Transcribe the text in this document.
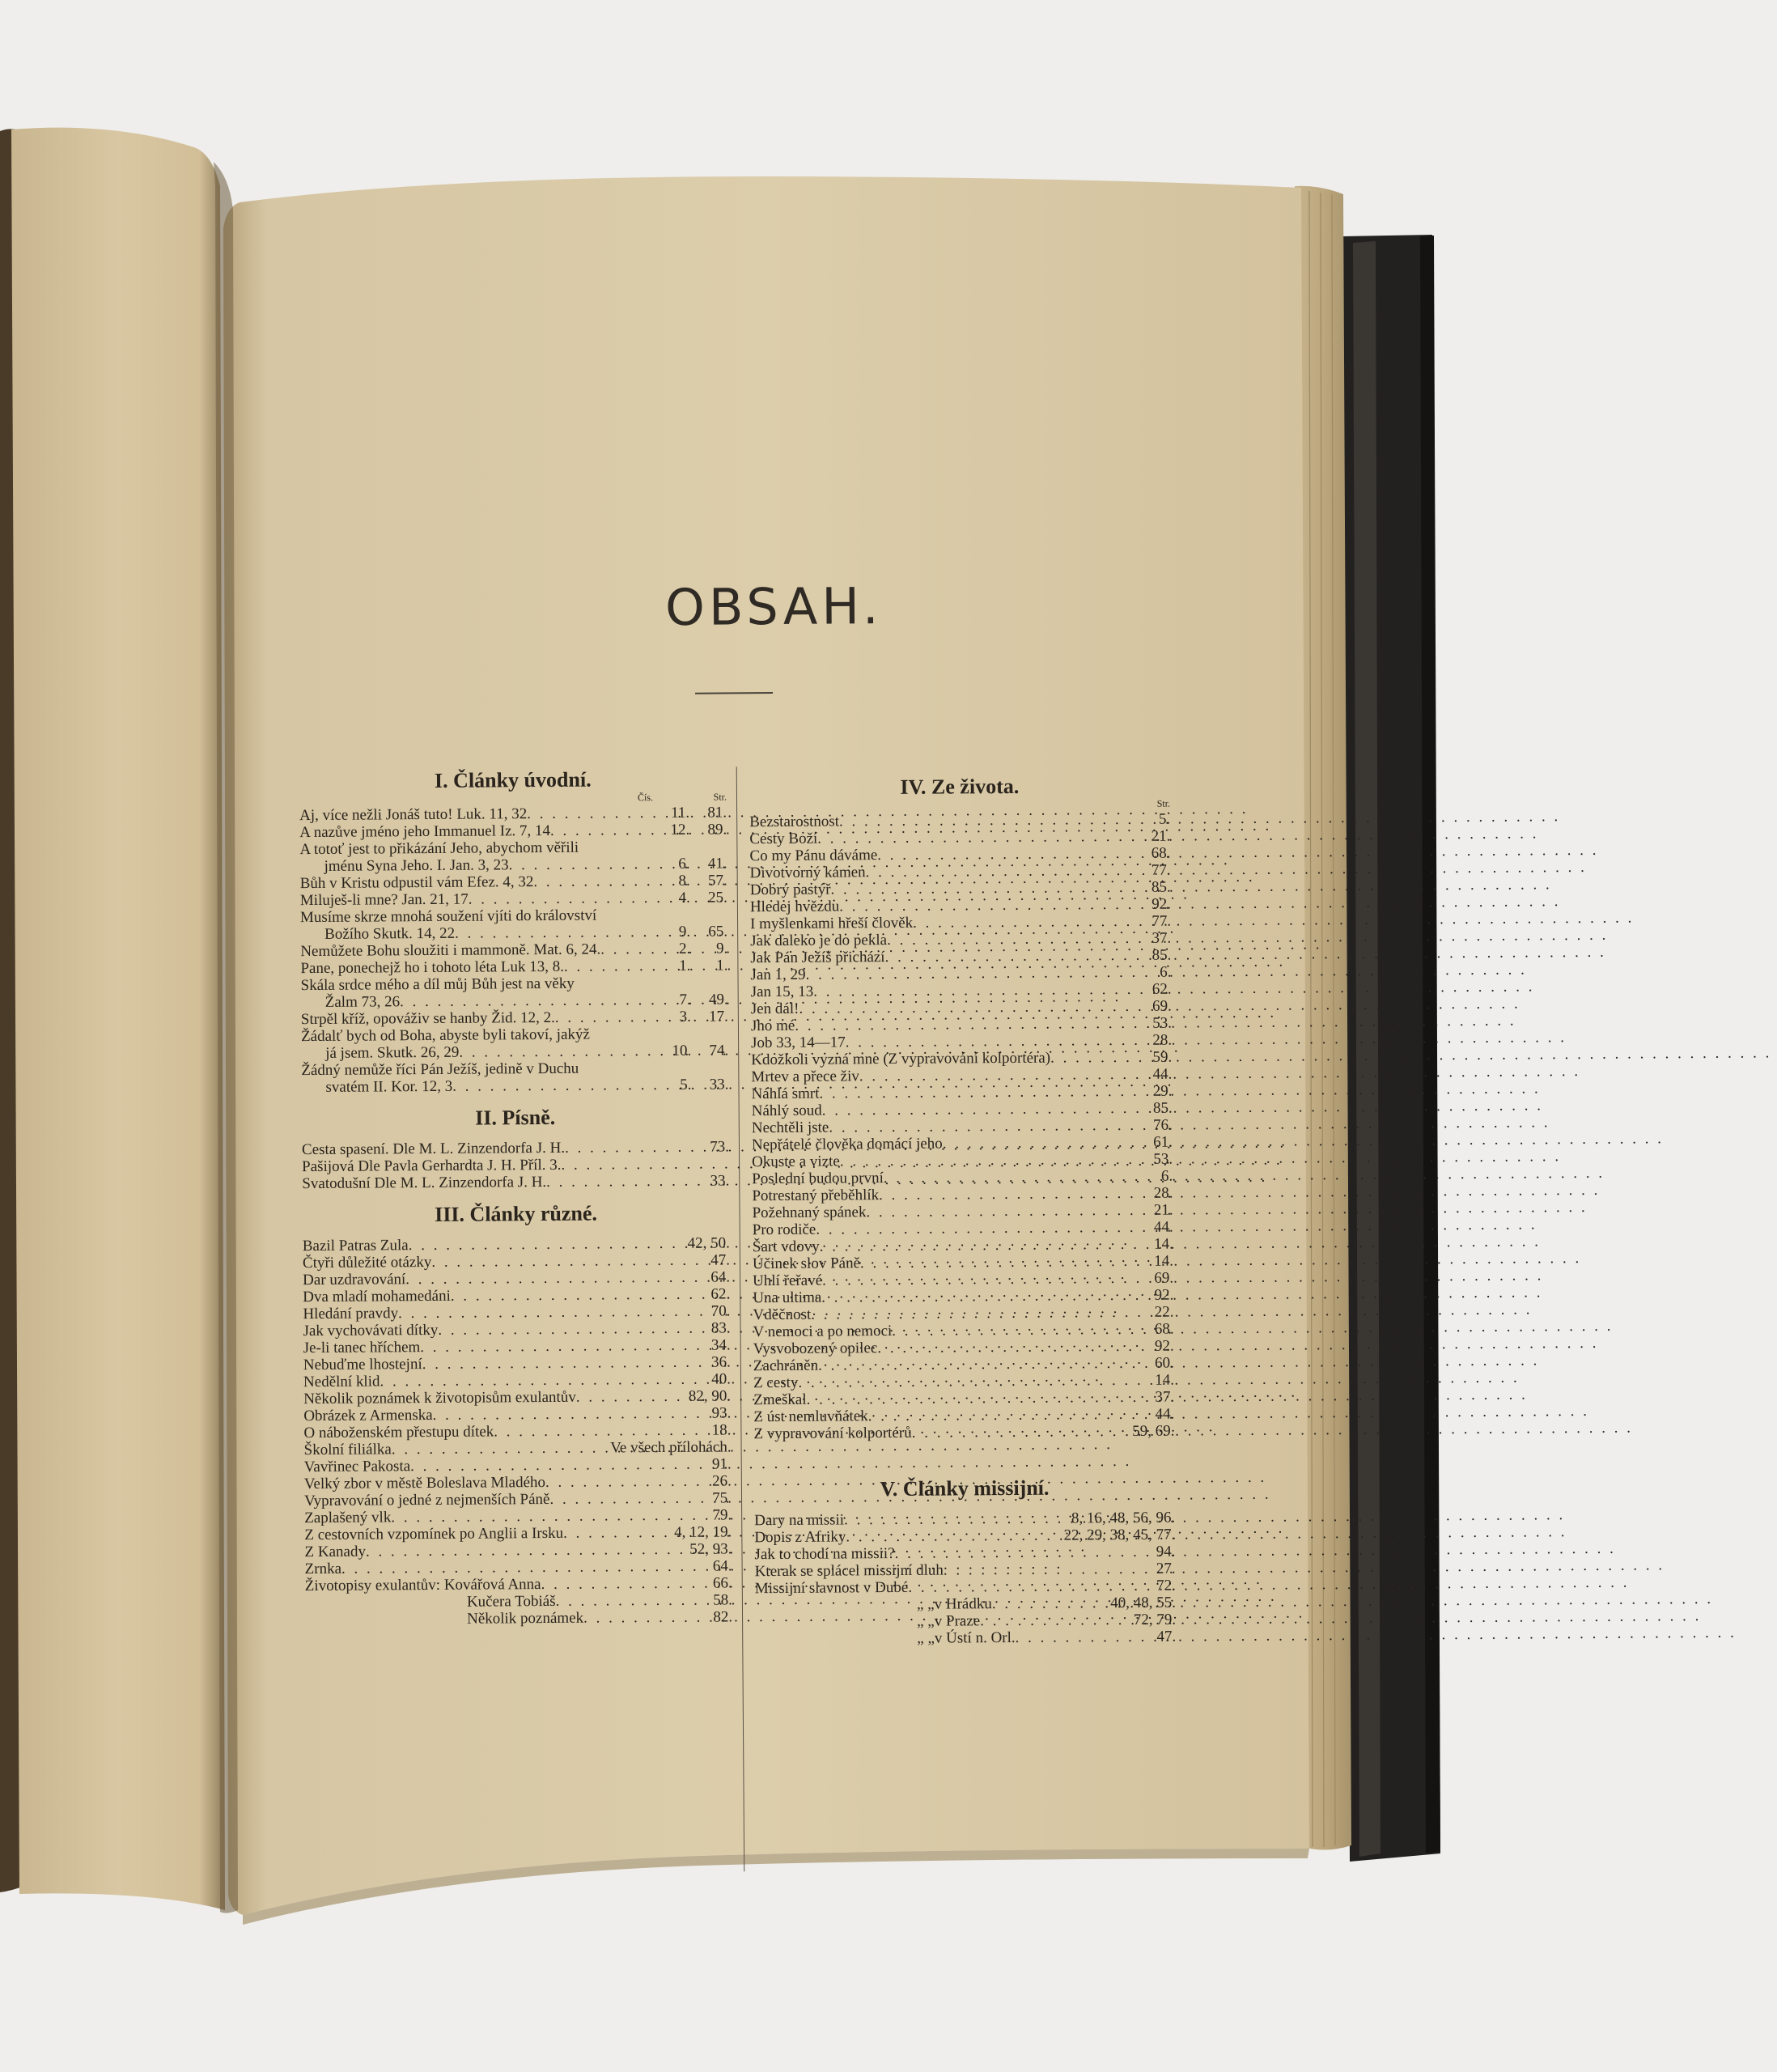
OBSAH.
I. Články úvodní.
Čís.	Str.
Aj, více nežli Jonáš tuto! Luk. 11, 32 . . .	11.	81.
A nazůve jméno jeho Immanuel Iz. 7, 14 . . .	12.	89.
A totoť jest to přikázání Jeho, abychom věřili
jménu Syna Jeho. I. Jan. 3, 23 . . .	6.	41.
Bůh v Kristu odpustil vám Efez. 4, 32 . . .	8.	57.
Miluješ-li mne? Jan. 21, 17 . . .	4.	25.
Musíme skrze mnohá soužení vjíti do království
Božího Skutk. 14, 22 . . .	9.	65.
Nemůžete Bohu sloužiti i mammoně. Mat. 6, 24. . . .	2.	9.
Pane, ponechejž ho i tohoto léta Luk 13, 8. . . .	1.	1.
Skála srdce mého a díl můj Bůh jest na věky
Žalm 73, 26 . . .	7.	49.
Strpěl kříž, opováživ se hanby Žid. 12, 2. . . .	3.	17.
Žádalť bych od Boha, abyste byli takoví, jakýž
já jsem. Skutk. 26, 29 . . .	10.	74.
Žádný nemůže říci Pán Ježíš, jedině v Duchu
svatém II. Kor. 12, 3 . . .	5.	33.
II. Písně.
Cesta spasení. Dle M. L. Zinzendorfa J. H. . . .	73.
Pašijová Dle Pavla Gerhardta J. H. Příl. 3.
. . .
Svatodušní Dle M. L. Zinzendorfa J. H. . . .	33.
III. Články různé.
Bazil Patras Zula . . .	42, 50.
Čtyři důležité otázky . . .	47.
Dar uzdravování . . .	64.
Dva mladí mohamedáni . . .	62.
Hledání pravdy . . .	70.
Jak vychovávati dítky . . .	83.
Je-li tanec hříchem . . .	34.
Nebuďme lhostejní . . .	36.
Nedělní klid . . .	40.
Několik poznámek k životopisům exulantův . . .	82, 90.
Obrázek z Armenska . . .	93.
O náboženském přestupu dítek . . .	18.
Školní filiálka . . .	Ve všech přílohách.
Vavřinec Pakosta . . .	91.
Velký zbor v městě Boleslava Mladého . . .	26.
Vypravování o jedné z nejmenších Páně . . .	75.
Zaplašený vlk . . .	79.
Z cestovních vzpomínek po Anglii a Irsku . . .	4, 12, 19.
Z Kanady . . .	52, 93.
Zrnka . . .	64.
Životopisy exulantův: Kovářová Anna . . .	66.
Kučera Tobiáš . . .	58.
Několik poznámek . . .	82.
IV. Ze života.
Str.
Bezstarostnost . . .	5.
Cesty Boží . . .	21.
Co my Pánu dáváme . . .	68.
Divotvorný kámen . . .	77.
Dobrý pastýř . . .	85.
Hledej hvězdu . . .	92.
I myšlenkami hřeší člověk . . .	77.
Jak daleko je do pekla . . .	37.
Jak Pán Ježíš přichází . . .	85.
Jan 1, 29 . . .	6.
Jan 15, 13 . . .	62.
Jen dál! . . .	69.
Jho mé . . .	53.
Job 33, 14—17 . . .	28.
Kdožkoli vyzná mne (Z vypravování kolportéra) . . .	59.
Mrtev a přece živ . . .	44.
Náhlá smrt . . .	29.
Náhlý soud . . .	85.
Nechtěli jste . . .	76.
Nepřátelé člověka domácí jeho . . .	61.
Okuste a vizte . . .	53.
Poslední budou první . . .	6.
Potrestaný přeběhlík . . .	28.
Požehnaný spánek . . .	21.
Pro rodiče . . .	44.
Šart vdovy . . .	14.
Účinek slov Páně . . .	14.
Uhlí řeřavé . . .	69.
Una ultima . . .	92.
Vděčnost . . .	22.
V nemoci a po nemoci . . .	68.
Vysvobozený opilec . . .	92.
Zachráněn . . .	60.
Z cesty . . .	14.
Zmeškal . . .	37.
Z úst nemluvňátek . . .	44.
Z vypravování kolportérů . . .	59, 69.
V. Články missijní.
Dary na missii . . .	8, 16, 48, 56, 96.
Dopis z Afriky . . .	22, 29, 38, 45, 77.
Jak to chodí na missii? . . .	94.
Kterak se splácel missijní dluh . . .	27.
Missijní slavnost v Dubé . . .	72.
„ „ v Hrádku . . .	40, 48, 55.
„ „ v Praze . . .	72, 79.
„ „ v Ústí n. Orl. . . .	47.
